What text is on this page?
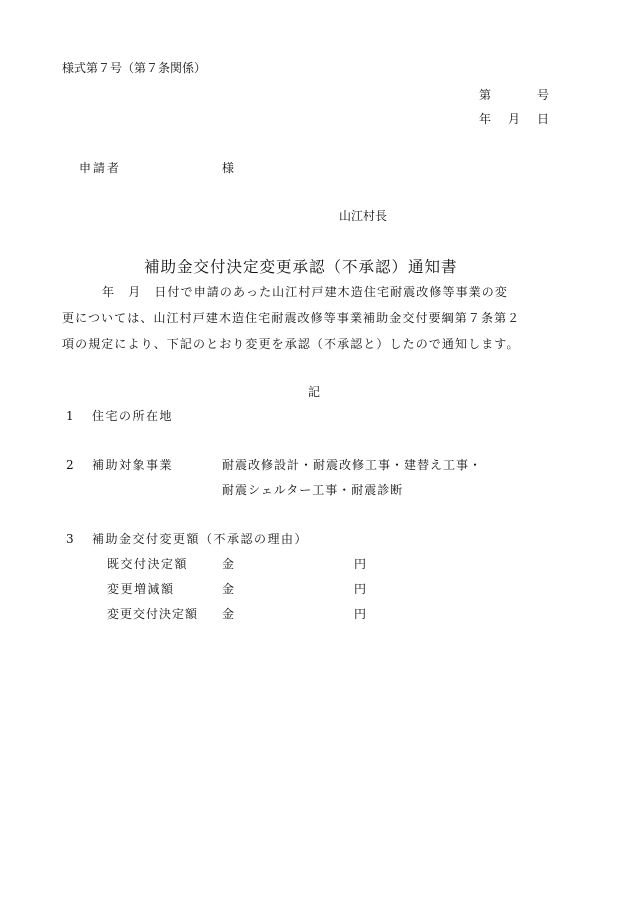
様式第７号（第７条関係）
第	号
年 月 日
申請者	様
山江村長
補助金交付決定変更承認（不承認）通知書
年　月　日付で申請のあった山江村戸建木造住宅耐震改修等事業の変
更については、山江村戸建木造住宅耐震改修等事業補助金交付要綱第７条第２
項の規定により、下記のとおり変更を承認（不承認と）したので通知します。
記
1 住宅の所在地
2 補助対象事業	耐震改修設計・耐震改修工事・建替え工事・
耐震シェルター工事・耐震診断
3 補助金交付変更額（不承認の理由）
既交付決定額	金	円
変更増減額	金	円
変更交付決定額 金	円
